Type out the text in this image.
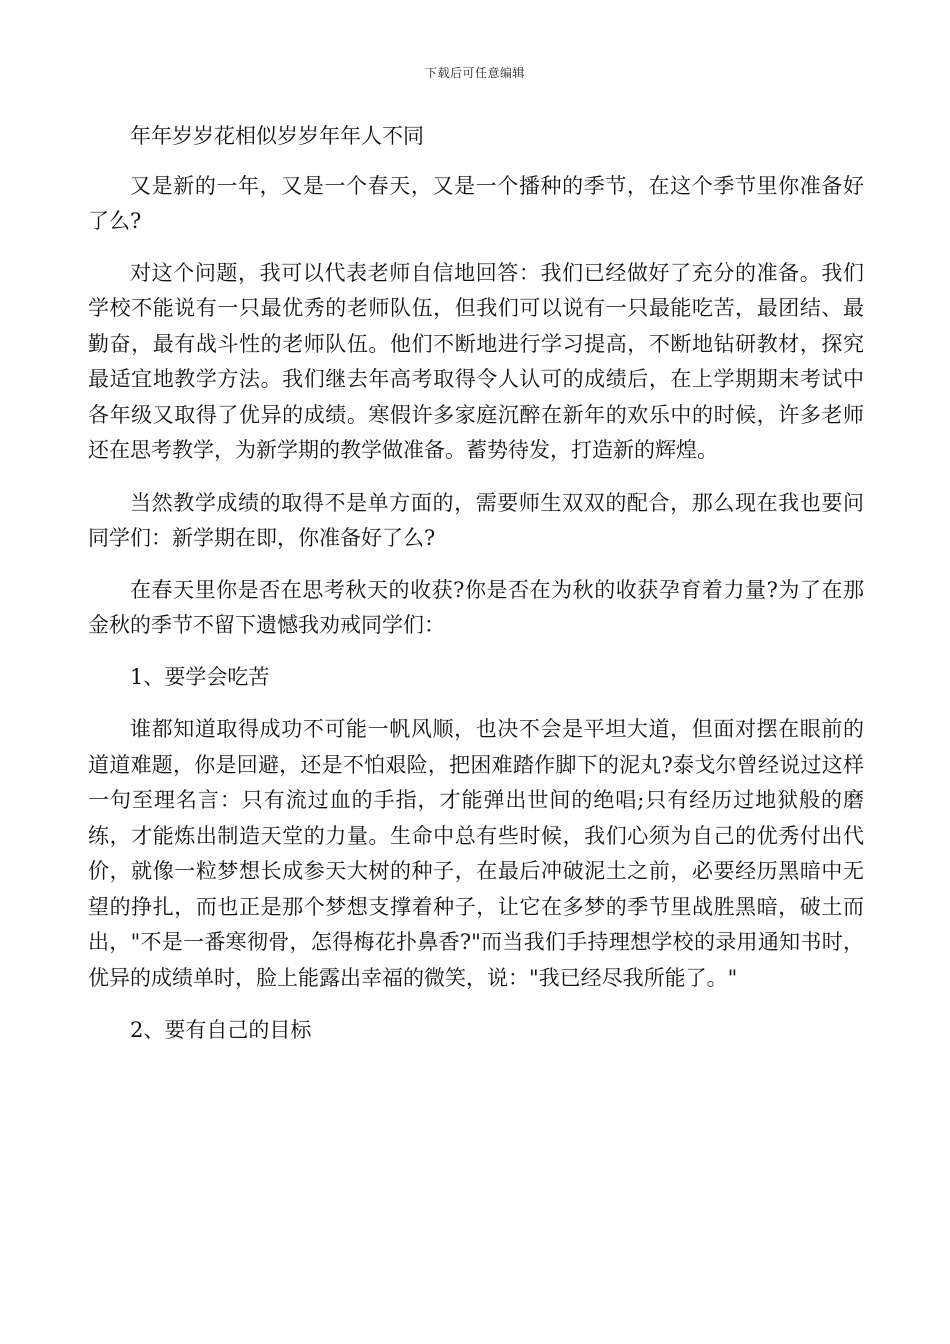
下载后可任意编辑

年年岁岁花相似岁岁年年人不同

又是新的一年，又是一个春天，又是一个播种的季节，在这个季节里你准备好了么?

对这个问题，我可以代表老师自信地回答：我们已经做好了充分的准备。我们学校不能说有一只最优秀的老师队伍，但我们可以说有一只最能吃苦，最团结、最勤奋，最有战斗性的老师队伍。他们不断地进行学习提高，不断地钻研教材，探究最适宜地教学方法。我们继去年高考取得令人认可的成绩后，在上学期期末考试中各年级又取得了优异的成绩。寒假许多家庭沉醉在新年的欢乐中的时候，许多老师还在思考教学，为新学期的教学做准备。蓄势待发，打造新的辉煌。

当然教学成绩的取得不是单方面的，需要师生双双的配合，那么现在我也要问同学们：新学期在即，你准备好了么?

在春天里你是否在思考秋天的收获?你是否在为秋的收获孕育着力量?为了在那金秋的季节不留下遗憾我劝戒同学们：

1、要学会吃苦

谁都知道取得成功不可能一帆风顺，也决不会是平坦大道，但面对摆在眼前的道道难题，你是回避，还是不怕艰险，把困难踏作脚下的泥丸?泰戈尔曾经说过这样一句至理名言：只有流过血的手指，才能弹出世间的绝唱;只有经历过地狱般的磨练，才能炼出制造天堂的力量。生命中总有些时候，我们心须为自己的优秀付出代价，就像一粒梦想长成参天大树的种子，在最后冲破泥土之前，必要经历黑暗中无望的挣扎，而也正是那个梦想支撑着种子，让它在多梦的季节里战胜黑暗，破土而出，"不是一番寒彻骨，怎得梅花扑鼻香?"而当我们手持理想学校的录用通知书时，优异的成绩单时，脸上能露出幸福的微笑，说："我已经尽我所能了。"

2、要有自己的目标
